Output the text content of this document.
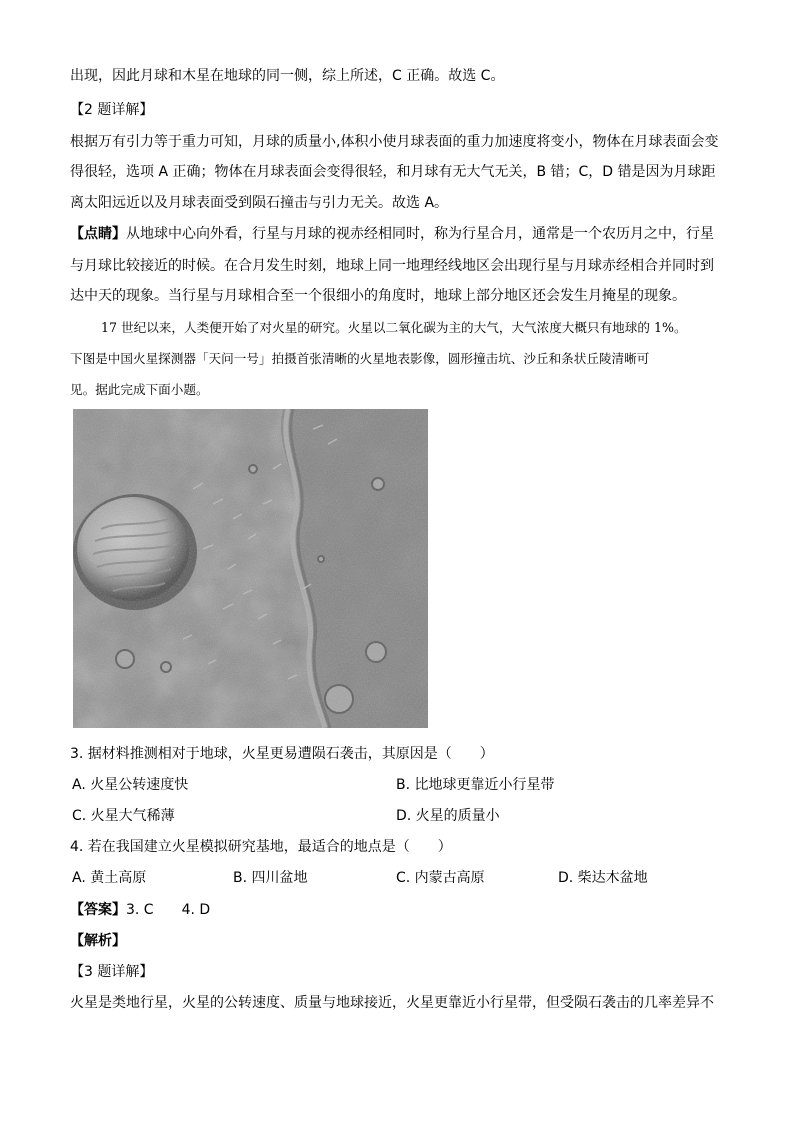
出现，因此月球和木星在地球的同一侧，综上所述，C 正确。故选 C。
【2 题详解】
根据万有引力等于重力可知，月球的质量小,体积小使月球表面的重力加速度将变小，物体在月球表面会变
得很轻，选项 A 正确；物体在月球表面会变得很轻，和月球有无大气无关，B 错；C，D 错是因为月球距
离太阳远近以及月球表面受到陨石撞击与引力无关。故选 A。
【点睛】从地球中心向外看，行星与月球的视赤经相同时，称为行星合月，通常是一个农历月之中，行星
与月球比较接近的时候。在合月发生时刻，地球上同一地理经线地区会出现行星与月球赤经相合并同时到
达中天的现象。当行星与月球相合至一个很细小的角度时，地球上部分地区还会发生月掩星的现象。
17 世纪以来，人类便开始了对火星的研究。火星以二氧化碳为主的大气，大气浓度大概只有地球的 1%。
下图是中国火星探测器「天问一号」拍摄首张清晰的火星地表影像，圆形撞击坑、沙丘和条状丘陵清晰可
见。据此完成下面小题。
3. 据材料推测相对于地球，火星更易遭陨石袭击，其原因是（　　）
A. 火星公转速度快	B. 比地球更靠近小行星带
C. 火星大气稀薄	D. 火星的质量小
4. 若在我国建立火星模拟研究基地，最适合的地点是（　　）
A. 黄土高原	B. 四川盆地	C. 内蒙古高原	D. 柴达木盆地
【答案】3. C　　4. D
【解析】
【3 题详解】
火星是类地行星，火星的公转速度、质量与地球接近，火星更靠近小行星带，但受陨石袭击的几率差异不
